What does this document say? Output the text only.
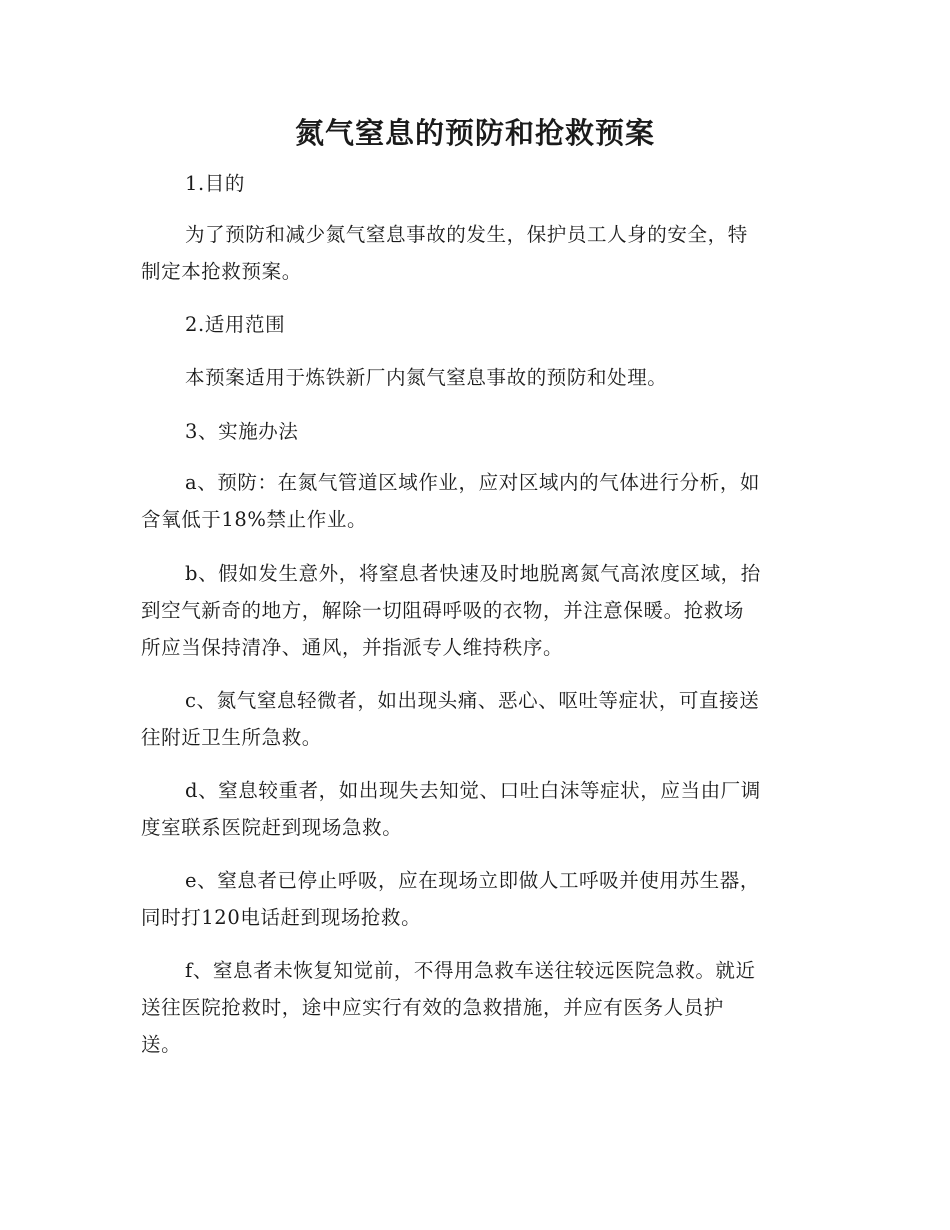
氮气窒息的预防和抢救预案
1.目的
为了预防和减少氮气窒息事故的发生，保护员工人身的安全，特
制定本抢救预案。
2.适用范围
本预案适用于炼铁新厂内氮气窒息事故的预防和处理。
3、实施办法
a、预防：在氮气管道区域作业，应对区域内的气体进行分析，如
含氧低于18%禁止作业。
b、假如发生意外，将窒息者快速及时地脱离氮气高浓度区域，抬
到空气新奇的地方，解除一切阻碍呼吸的衣物，并注意保暖。抢救场
所应当保持清净、通风，并指派专人维持秩序。
c、氮气窒息轻微者，如出现头痛、恶心、呕吐等症状，可直接送
往附近卫生所急救。
d、窒息较重者，如出现失去知觉、口吐白沫等症状，应当由厂调
度室联系医院赶到现场急救。
e、窒息者已停止呼吸，应在现场立即做人工呼吸并使用苏生器，
同时打120电话赶到现场抢救。
f、窒息者未恢复知觉前，不得用急救车送往较远医院急救。就近
送往医院抢救时，途中应实行有效的急救措施，并应有医务人员护
送。
